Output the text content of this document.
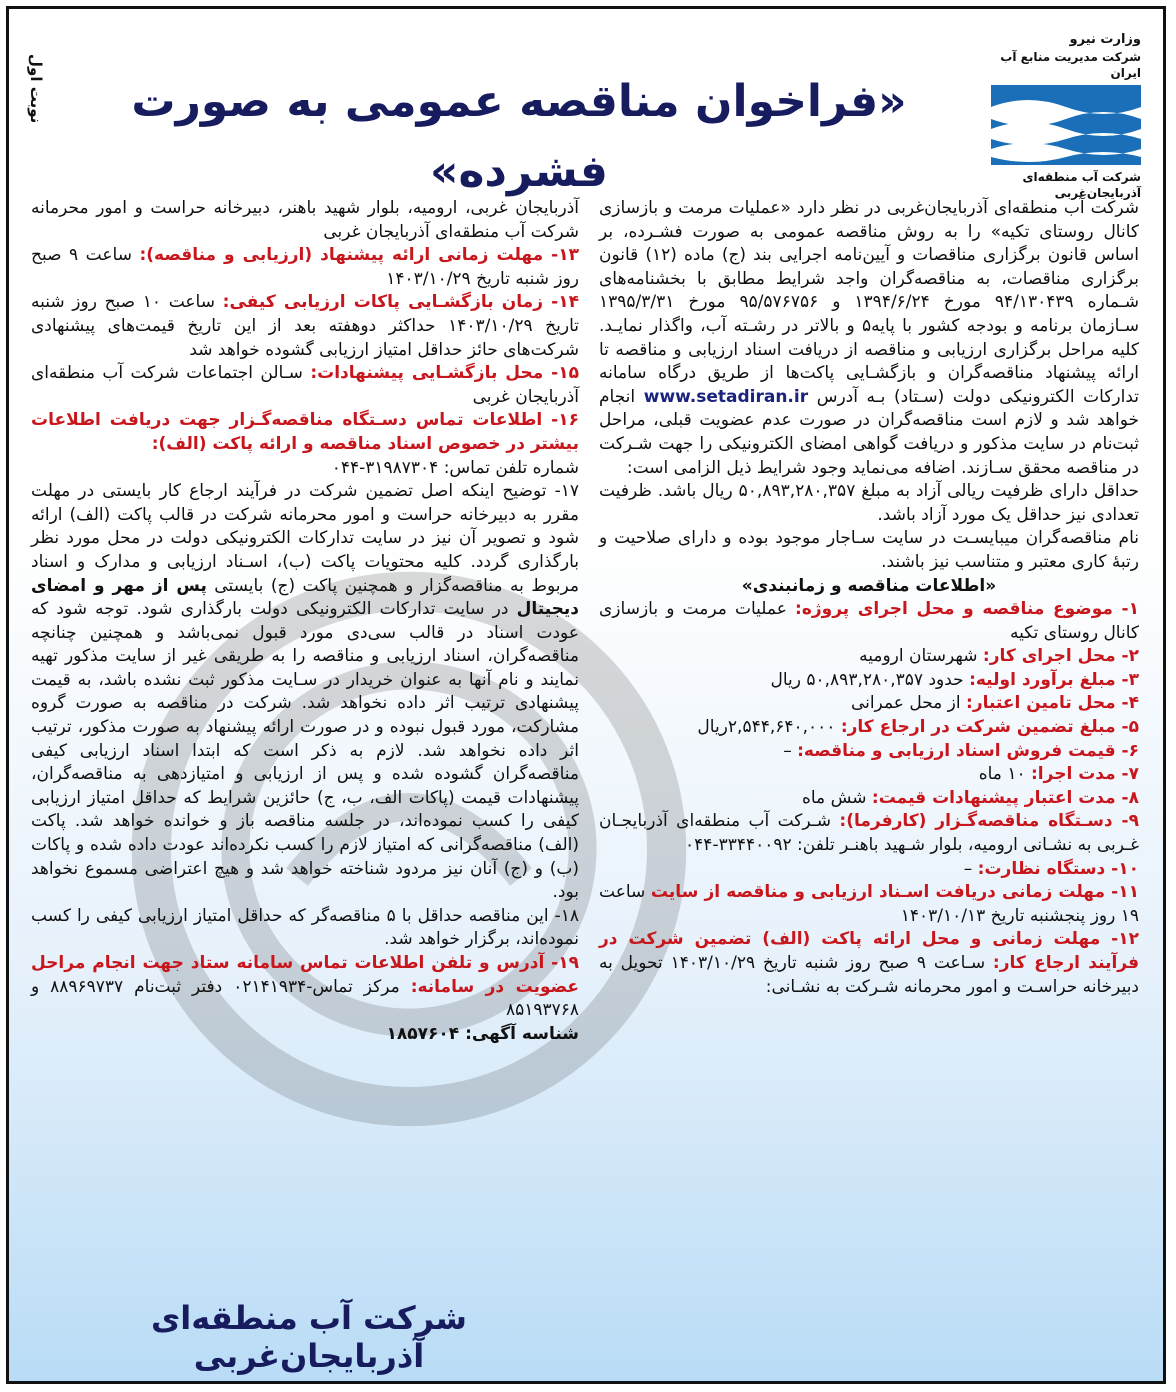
نوبت اول	«فراخوان مناقصه عمومی به صورت فشرده»
وزارت نیرو
شرکت مدیریت منابع آب ایران
شرکت آب منطقه‌ای آذربایجان‌غربی

شرکت آب منطقه‌ای آذربایجان‌غربی در نظر دارد «عملیات مرمت و بازسازی کانال روستای تکیه» را به روش مناقصه عمومی به صورت فشـرده، بر اساس قانون برگزاری مناقصات و آیین‌نامه اجرایی بند (ج) ماده (۱۲) قانون برگزاری مناقصات، به مناقصه‌گران واجد شرایط مطابق با بخشنامه‌های شـماره ۹۴/۱۳۰۴۳۹ مورخ ۱۳۹۴/۶/۲۴ و ۹۵/۵۷۶۷۵۶ مورخ ۱۳۹۵/۳/۳۱ سـازمان برنامه و بودجه کشور با پایه۵ و بالاتر در رشـته آب، واگذار نمایـد. کلیه مراحل برگزاری ارزیابی و مناقصه از دریافت اسناد ارزیابی و مناقصه تا ارائه پیشنهاد مناقصه‌گران و بازگشـایی پاکت‌ها از طریق درگاه سامانه تدارکات الکترونیکی دولت (سـتاد) بـه آدرس www.setadiran.ir انجام خواهد شد و لازم است مناقصه‌گران در صورت عدم عضویت قبلی، مراحل ثبت‌نام در سایت مذکور و دریافت گواهی امضای الکترونیکی را جهت شـرکت در مناقصه محقق سـازند. اضافه می‌نماید وجود شرایط ذیل الزامی است:

حداقل دارای ظرفیت ریالی آزاد به مبلغ ۵۰,۸۹۳,۲۸۰,۳۵۷ ریال باشد. ظرفیت تعدادی نیز حداقل یک مورد آزاد باشد.

نام مناقصه‌گران میبایسـت در سایت سـاجار موجود بوده و دارای صلاحیت و رتبهٔ کاری معتبر و متناسب نیز باشند.

«اطلاعات مناقصه و زمانبندی»

۱- موضوع مناقصه و محل اجرای پروژه: عملیات مرمت و بازسازی کانال روستای تکیه

۲- محل اجرای کار: شهرستان ارومیه

۳- مبلغ برآورد اولیه: حدود ۵۰,۸۹۳,۲۸۰,۳۵۷ ریال

۴- محل تامین اعتبار: از محل عمرانی

۵- مبلغ تضمین شرکت در ارجاع کار: ۲,۵۴۴,۶۴۰,۰۰۰ریال

۶- قیمت فروش اسناد ارزیابی و مناقصه: –

۷- مدت اجرا: ۱۰ ماه

۸- مدت اعتبار پیشنهادات قیمت: شش ماه

۹- دسـتگاه مناقصه‌گـزار (کارفرما): شـرکت آب منطقه‌ای آذربایجـان غـربی به نشـانی ارومیه، بلوار شـهید باهنـر تلفن: ۳۳۴۴۰۰۹۲-۰۴۴

۱۰- دستگاه نظارت: –

۱۱- مهلت زمانی دریافت اسـناد ارزیابی و مناقصه از سایت ساعت ۱۹ روز پنجشنبه تاریخ ۱۴۰۳/۱۰/۱۳

۱۲- مهلت زمانی و محل ارائه پاکت (الف) تضمین شرکت در فرآیند ارجاع کار: سـاعت ۹ صبح روز شنبه تاریخ ۱۴۰۳/۱۰/۲۹ تحویل به دبیرخانه حراسـت و امور محرمانه شـرکت به نشـانی:

آذربایجان غربی، ارومیه، بلوار شهید باهنر، دبیرخانه حراست و امور محرمانه شرکت آب منطقه‌ای آذربایجان غربی

۱۳- مهلت زمانی ارائه پیشنهاد (ارزیابی و مناقصه): ساعت ۹ صبح روز شنبه تاریخ ۱۴۰۳/۱۰/۲۹

۱۴- زمان بازگشـایی پاکات ارزیابی کیفی: ساعت ۱۰ صبح روز شنبه تاریخ ۱۴۰۳/۱۰/۲۹ حداکثر دوهفته بعد از این تاریخ قیمت‌های پیشنهادی شرکت‌های حائز حداقل امتیاز ارزیابی گشوده خواهد شد

۱۵- محل بازگشـایی پیشنهادات: سـالن اجتماعات شرکت آب منطقه‌ای آذربایجان غربی

۱۶- اطلاعات تماس دسـتگاه مناقصه‌گـزار جهت دریافت اطلاعات بیشتر در خصوص اسناد مناقصه و ارائه پاکت (الف):

شماره تلفن تماس: ۳۱۹۸۷۳۰۴-۰۴۴

۱۷- توضیح اینکه اصل تضمین شرکت در فرآیند ارجاع کار بایستی در مهلت مقرر به دبیرخانه حراست و امور محرمانه شرکت در قالب پاکت (الف) ارائه شود و تصویر آن نیز در سایت تدارکات الکترونیکی دولت در محل مورد نظر بارگذاری گردد. کلیه محتویات پاکت (ب)، اسـناد ارزیابی و مدارک و اسناد مربوط به مناقصه‌گزار و همچنین پاکت (ج) بایستی پس از مهر و امضای دیجیتال در سایت تدارکات الکترونیکی دولت بارگذاری شود. توجه شود که عودت اسناد در قالب سی‌دی مورد قبول نمی‌باشد و همچنین چنانچه مناقصه‌گران، اسناد ارزیابی و مناقصه را به طریقی غیر از سایت مذکور تهیه نمایند و نام آنها به عنوان خریدار در سـایت مذکور ثبت نشده باشد، به قیمت پیشنهادی ترتیب اثر داده نخواهد شد. شرکت در مناقصه به صورت گروه مشارکت، مورد قبول نبوده و در صورت ارائه پیشنهاد به صورت مذکور، ترتیب اثر داده نخواهد شد. لازم به ذکر است که ابتدا اسناد ارزیابی کیفی مناقصه‌گران گشوده شده و پس از ارزیابی و امتیازدهی به مناقصه‌گران، پیشنهادات قیمت (پاکات الف، ب، ج) حائزین شرایط که حداقل امتیاز ارزیابی کیفی را کسب نموده‌اند، در جلسه مناقصه باز و خوانده خواهد شد. پاکت (الف) مناقصه‌گرانی که امتیاز لازم را کسب نکرده‌اند عودت داده شده و پاکات (ب) و (ج) آنان نیز مردود شناخته خواهد شد و هیچ اعتراضی مسموع نخواهد بود.

۱۸- این مناقصه حداقل با ۵ مناقصه‌گر که حداقل امتیاز ارزیابی کیفی را کسب نموده‌اند، برگزار خواهد شد.

۱۹- آدرس و تلفن اطلاعات تماس سامانه ستاد جهت انجام مراحل عضویت در سامانه: مرکز تماس-۰۲۱۴۱۹۳۴ دفتر ثبت‌نام ۸۸۹۶۹۷۳۷ و ۸۵۱۹۳۷۶۸

شناسه آگهی: ۱۸۵۷۶۰۴

شرکت آب منطقه‌ای آذربایجان‌غربی
